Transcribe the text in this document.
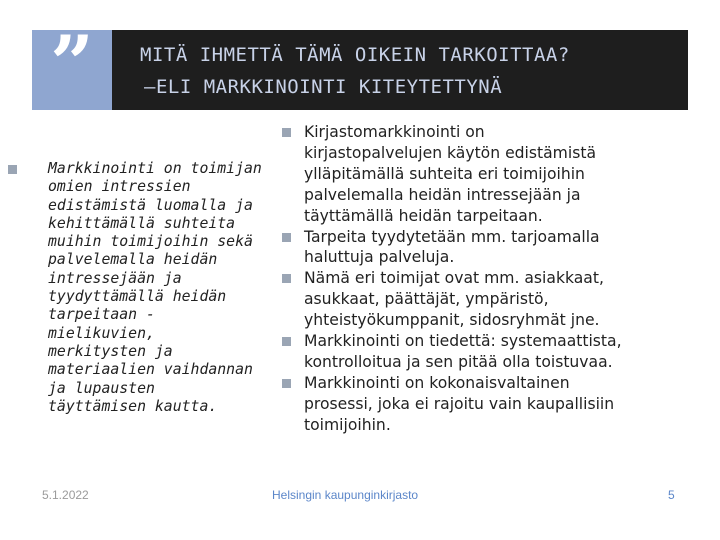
”	MITÄ IHMETTÄ TÄMÄ OIKEIN TARKOITTAA?
–ELI MARKKINOINTI KITEYTETTYNÄ
Markkinointi on toimijan
omien intressien
edistämistä luomalla ja
kehittämällä suhteita
muihin toimijoihin sekä
palvelemalla heidän
intressejään ja
tyydyttämällä heidän
tarpeitaan -
mielikuvien,
merkitysten ja
materiaalien vaihdannan
ja lupausten
täyttämisen kautta.
Kirjastomarkkinointi on
kirjastopalvelujen käytön edistämistä
ylläpitämällä suhteita eri toimijoihin
palvelemalla heidän intressejään ja
täyttämällä heidän tarpeitaan.
Tarpeita tyydytetään mm. tarjoamalla
haluttuja palveluja.
Nämä eri toimijat ovat mm. asiakkaat,
asukkaat, päättäjät, ympäristö,
yhteistyökumppanit, sidosryhmät jne.
Markkinointi on tiedettä: systemaattista,
kontrolloitua ja sen pitää olla toistuvaa.
Markkinointi on kokonaisvaltainen
prosessi, joka ei rajoitu vain kaupallisiin
toimijoihin.
5.1.2022	Helsingin kaupunginkirjasto	5
